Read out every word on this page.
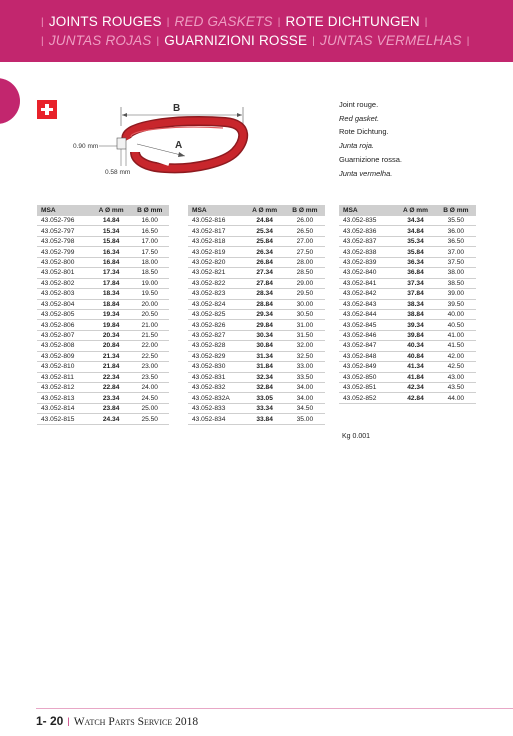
| JOINTS ROUGES | RED GASKETS | ROTE DICHTUNGEN |
| JUNTAS ROJAS | GUARNIZIONI ROSSE | JUNTAS VERMELHAS |
B
A
0.90 mm
0.58 mm
Joint rouge.
Red gasket.
Rote Dichtung.
Junta roja.
Guarnizione rossa.
Junta vermelha.
MSA	A Ø mm	B Ø mm
43.052-796	14.84	16.00
43.052-797	15.34	16.50
43.052-798	15.84	17.00
43.052-799	16.34	17.50
43.052-800	16.84	18.00
43.052-801	17.34	18.50
43.052-802	17.84	19.00
43.052-803	18.34	19.50
43.052-804	18.84	20.00
43.052-805	19.34	20.50
43.052-806	19.84	21.00
43.052-807	20.34	21.50
43.052-808	20.84	22.00
43.052-809	21.34	22.50
43.052-810	21.84	23.00
43.052-811	22.34	23.50
43.052-812	22.84	24.00
43.052-813	23.34	24.50
43.052-814	23.84	25.00
43.052-815	24.34	25.50
MSA	A Ø mm	B Ø mm
43.052-816	24.84	26.00
43.052-817	25.34	26.50
43.052-818	25.84	27.00
43.052-819	26.34	27.50
43.052-820	26.84	28.00
43.052-821	27.34	28.50
43.052-822	27.84	29.00
43.052-823	28.34	29.50
43.052-824	28.84	30.00
43.052-825	29.34	30.50
43.052-826	29.84	31.00
43.052-827	30.34	31.50
43.052-828	30.84	32.00
43.052-829	31.34	32.50
43.052-830	31.84	33.00
43.052-831	32.34	33.50
43.052-832	32.84	34.00
43.052-832A	33.05	34.00
43.052-833	33.34	34.50
43.052-834	33.84	35.00
MSA	A Ø mm	B Ø mm
43.052-835	34.34	35.50
43.052-836	34.84	36.00
43.052-837	35.34	36.50
43.052-838	35.84	37.00
43.052-839	36.34	37.50
43.052-840	36.84	38.00
43.052-841	37.34	38.50
43.052-842	37.84	39.00
43.052-843	38.34	39.50
43.052-844	38.84	40.00
43.052-845	39.34	40.50
43.052-846	39.84	41.00
43.052-847	40.34	41.50
43.052-848	40.84	42.00
43.052-849	41.34	42.50
43.052-850	41.84	43.00
43.052-851	42.34	43.50
43.052-852	42.84	44.00
Kg 0.001
1- 20 | Watch Parts Service 2018
